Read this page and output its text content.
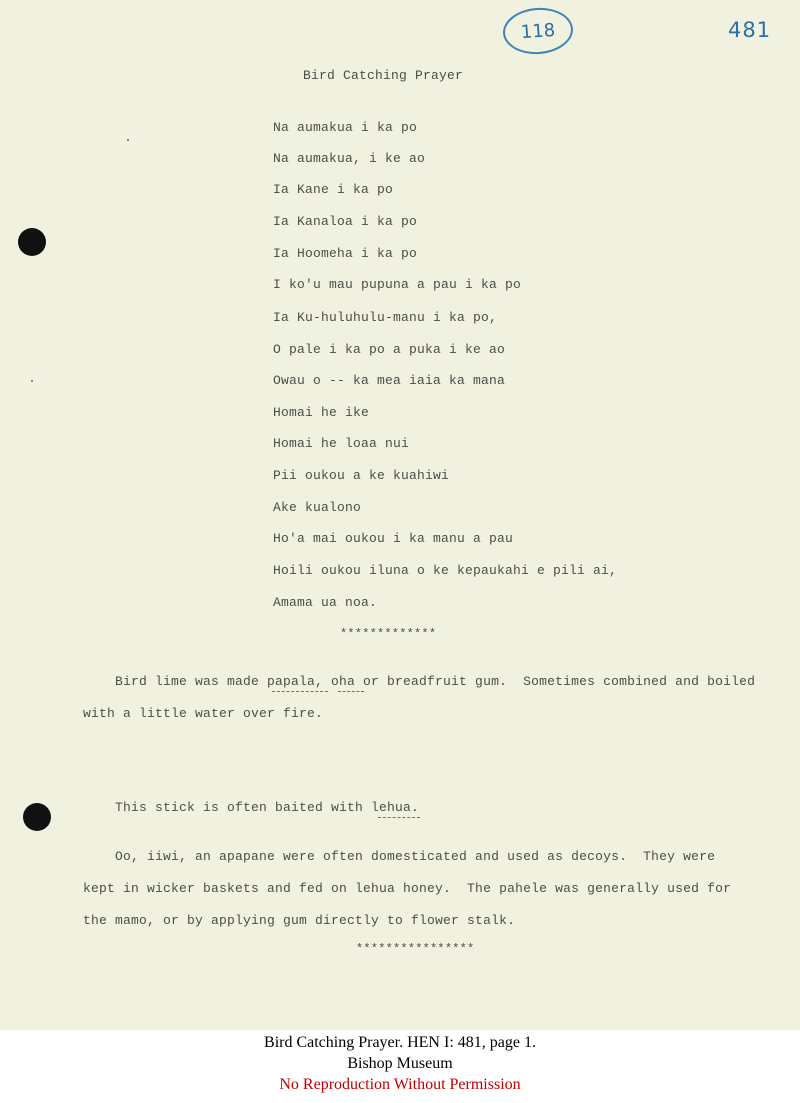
118	481
Bird Catching Prayer
Na aumakua i ka po
Na aumakua, i ke ao
Ia Kane i ka po
Ia Kanaloa i ka po
Ia Hoomeha i ka po
I ko'u mau pupuna a pau i ka po
Ia Ku-huluhulu-manu i ka po,
O pale i ka po a puka i ke ao
Owau o -- ka mea iaia ka mana
Homai he ike
Homai he loaa nui
Pii oukou a ke kuahiwi
Ake kualono
Ho'a mai oukou i ka manu a pau
Hoili oukou iluna o ke kepaukahi e pili ai,
Amama ua noa.
*************
Bird lime was made papala, oha or breadfruit gum.  Sometimes combined and boiled
with a little water over fire.
This stick is often baited with lehua.
Oo, iiwi, an apapane were often domesticated and used as decoys.  They were
kept in wicker baskets and fed on lehua honey.  The pahele was generally used for
the mamo, or by applying gum directly to flower stalk.
****************
Bird Catching Prayer. HEN I: 481, page 1.
Bishop Museum
No Reproduction Without Permission
